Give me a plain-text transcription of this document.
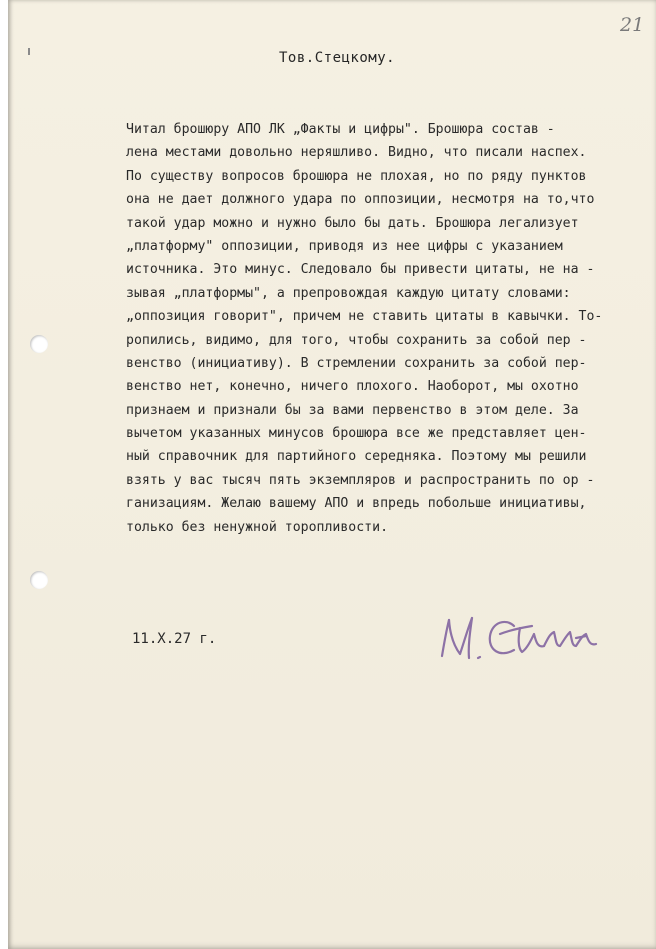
21
Тов.Стецкому.
Читал брошюру АПО ЛК „Факты и цифры". Брошюра состав -
лена местами довольно неряшливо. Видно, что писали наспех.
По существу вопросов брошюра не плохая, но по ряду пунктов
она не дает должного удара по оппозиции, несмотря на то,что
такой удар можно и нужно было бы дать. Брошюра легализует
„платформу" оппозиции, приводя из нее цифры с указанием
источника. Это минус. Следовало бы привести цитаты, не на -
зывая „платформы", а препровождая каждую цитату словами:
„оппозиция говорит", причем не ставить цитаты в кавычки. То-
ропились, видимо, для того, чтобы сохранить за собой пер -
венство (инициативу). В стремлении сохранить за собой пер-
венство нет, конечно, ничего плохого. Наоборот, мы охотно
признаем и признали бы за вами первенство в этом деле. За
вычетом указанных минусов брошюра все же представляет цен-
ный справочник для партийного середняка. Поэтому мы решили
взять у вас тысяч пять экземпляров и распространить по ор -
ганизациям. Желаю вашему АПО и впредь побольше инициативы,
только без ненужной торопливости.
11.Х.27 г.
